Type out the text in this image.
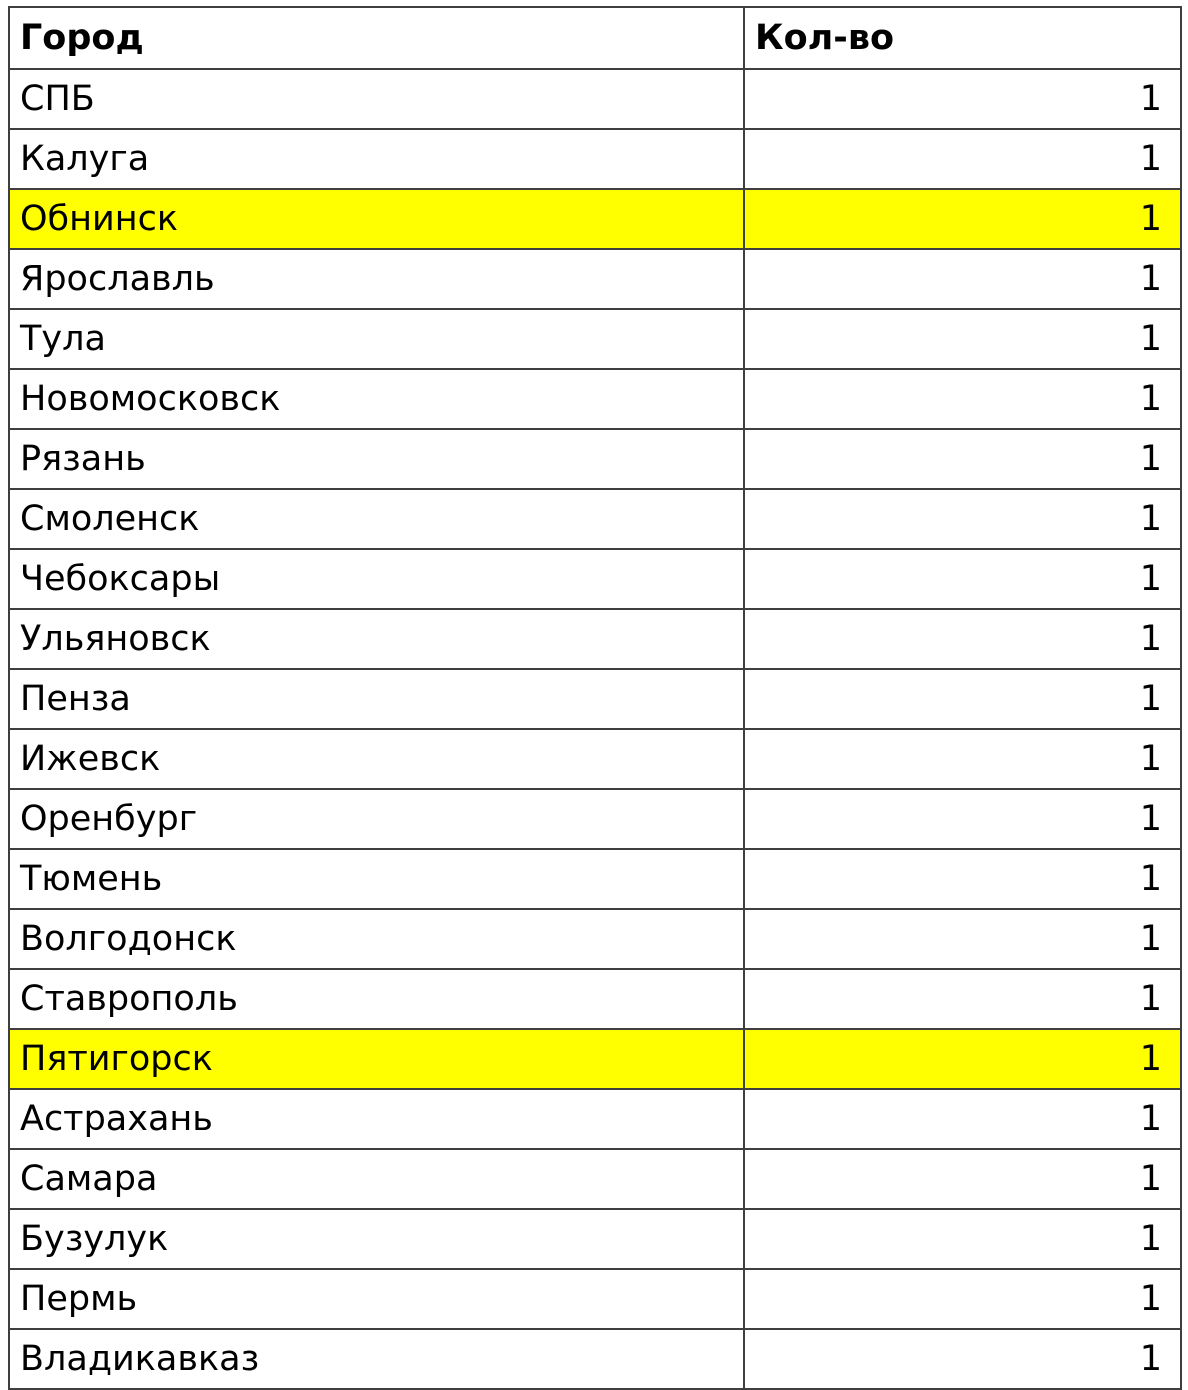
Город	Кол-во
СПБ	1
Калуга	1
Обнинск	1
Ярославль	1
Тула	1
Новомосковск	1
Рязань	1
Смоленск	1
Чебоксары	1
Ульяновск	1
Пенза	1
Ижевск	1
Оренбург	1
Тюмень	1
Волгодонск	1
Ставрополь	1
Пятигорск	1
Астрахань	1
Самара	1
Бузулук	1
Пермь	1
Владикавказ	1
